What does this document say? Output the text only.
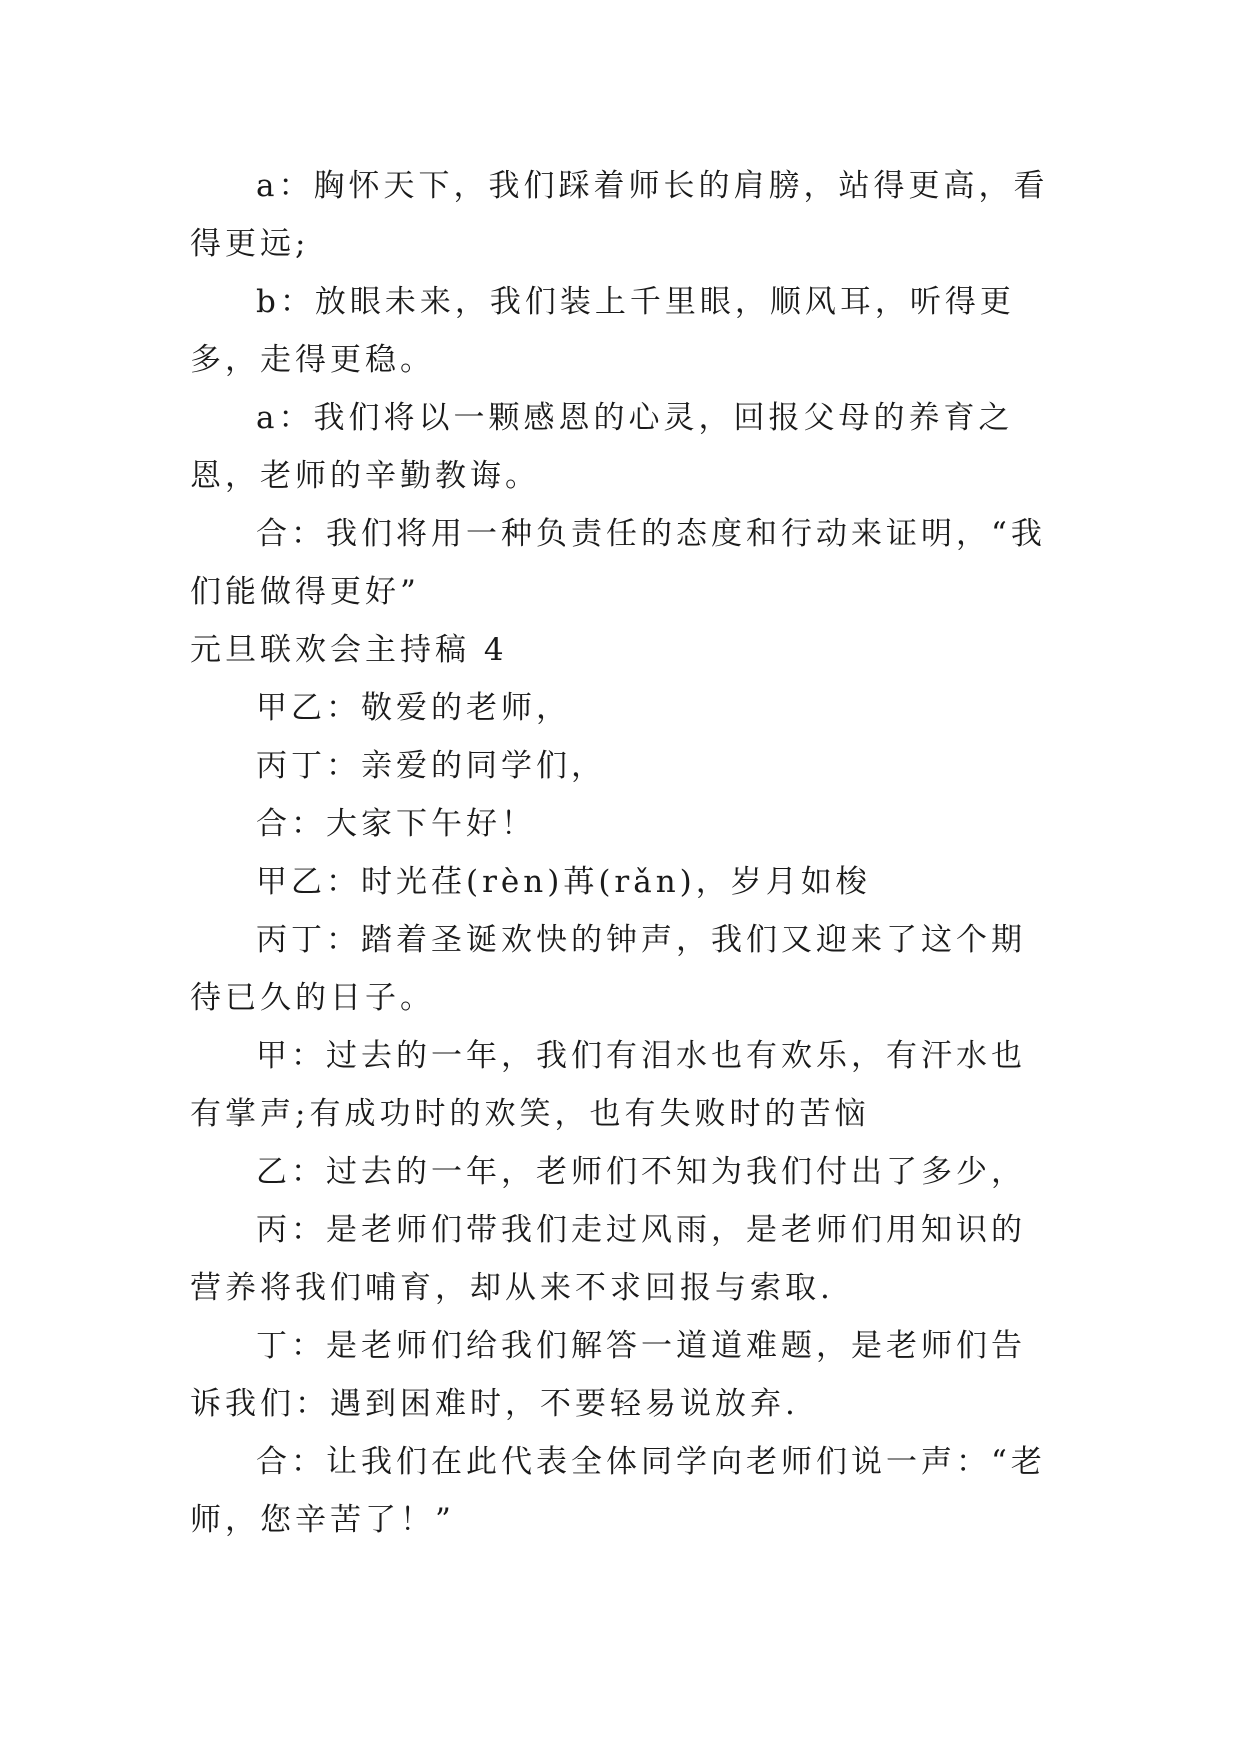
a：胸怀天下，我们踩着师长的肩膀，站得更高，看得更远;

b：放眼未来，我们装上千里眼，顺风耳，听得更多，走得更稳。

a：我们将以一颗感恩的心灵，回报父母的养育之恩，老师的辛勤教诲。

合：我们将用一种负责任的态度和行动来证明，“我们能做得更好”

元旦联欢会主持稿 4

甲乙：敬爱的老师，

丙丁：亲爱的同学们，

合：大家下午好！

甲乙：时光荏(rèn)苒(rǎn)，岁月如梭

丙丁：踏着圣诞欢快的钟声，我们又迎来了这个期待已久的日子。

甲：过去的一年，我们有泪水也有欢乐，有汗水也有掌声;有成功时的欢笑，也有失败时的苦恼

乙：过去的一年，老师们不知为我们付出了多少，

丙：是老师们带我们走过风雨，是老师们用知识的营养将我们哺育，却从来不求回报与索取.

丁：是老师们给我们解答一道道难题，是老师们告诉我们：遇到困难时，不要轻易说放弃.

合：让我们在此代表全体同学向老师们说一声：“老师，您辛苦了！”
